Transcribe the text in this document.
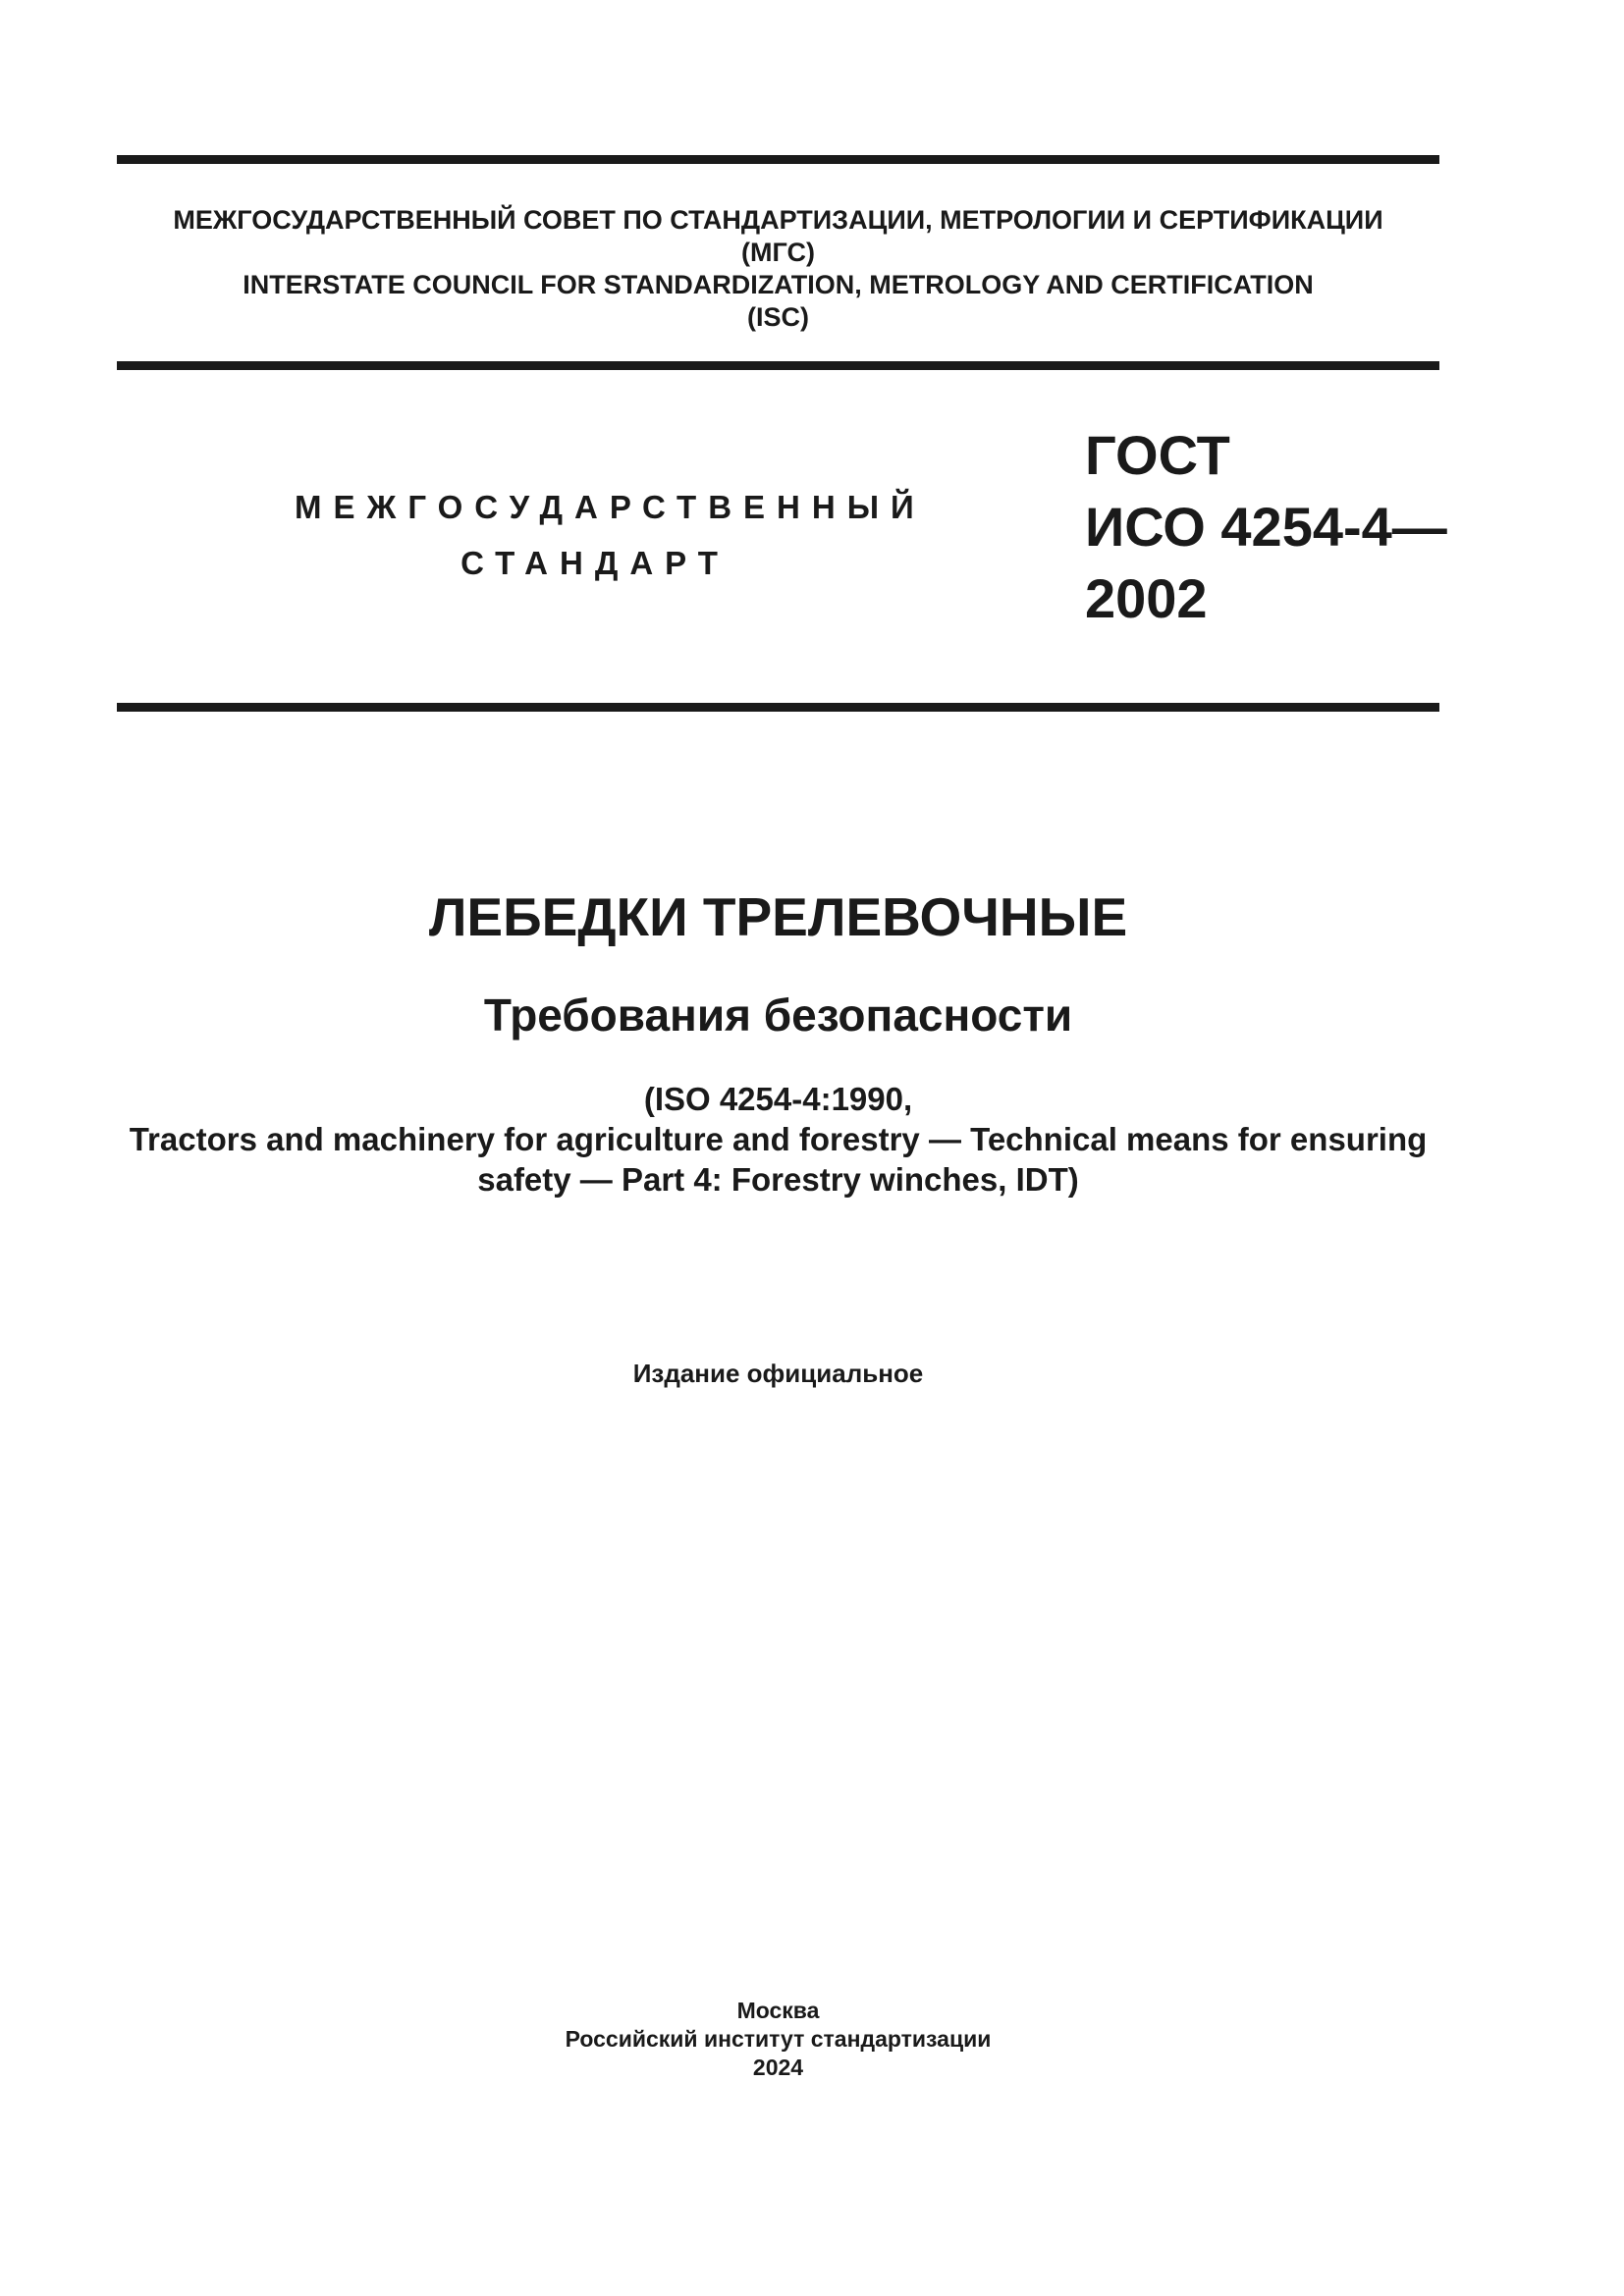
МЕЖГОСУДАРСТВЕННЫЙ СОВЕТ ПО СТАНДАРТИЗАЦИИ, МЕТРОЛОГИИ И СЕРТИФИКАЦИИ
(МГС)
INTERSTATE COUNCIL FOR STANDARDIZATION, METROLOGY AND CERTIFICATION
(ISC)
МЕЖГОСУДАРСТВЕННЫЙ
СТАНДАРТ
ГОСТ
ИСО 4254-4—
2002
ЛЕБЕДКИ ТРЕЛЕВОЧНЫЕ
Требования безопасности
(ISO 4254-4:1990,
Tractors and machinery for agriculture and forestry — Technical means for ensuring
safety — Part 4: Forestry winches, IDT)
Издание официальное
Москва
Российский институт стандартизации
2024
